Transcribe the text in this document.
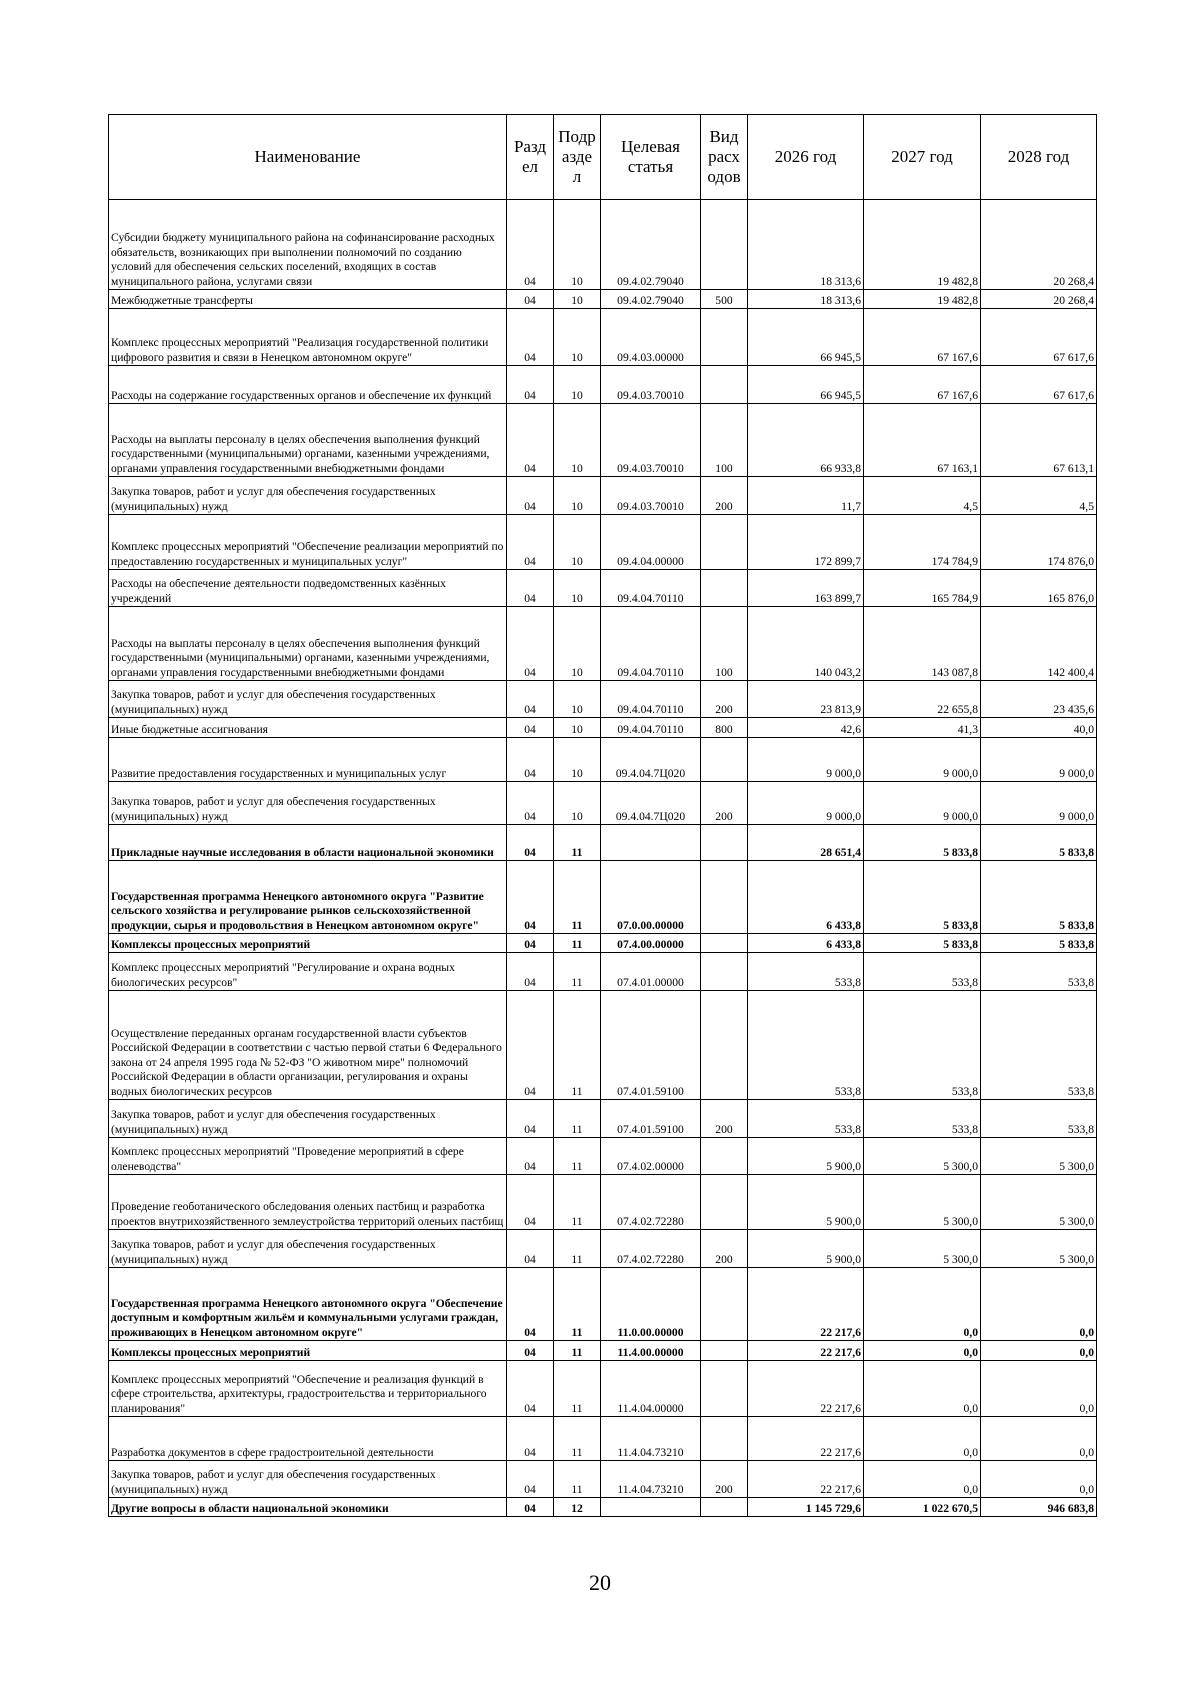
Наименование	Разд ел	Подр азде л	Целевая статья	Вид расх одов	2026 год	2027 год	2028 год
Субсидии бюджету муниципального района на софинансирование расходных обязательств, возникающих при выполнении полномочий по созданию условий для обеспечения сельских поселений, входящих в состав муниципального района, услугами связи	04	10	09.4.02.79040		18 313,6	19 482,8	20 268,4
Межбюджетные трансферты	04	10	09.4.02.79040	500	18 313,6	19 482,8	20 268,4
Комплекс процессных мероприятий "Реализация государственной политики цифрового развития и связи в Ненецком автономном округе"	04	10	09.4.03.00000		66 945,5	67 167,6	67 617,6
Расходы на содержание государственных органов и обеспечение их функций	04	10	09.4.03.70010		66 945,5	67 167,6	67 617,6
Расходы на выплаты персоналу в целях обеспечения выполнения функций государственными (муниципальными) органами, казенными учреждениями, органами управления государственными внебюджетными фондами	04	10	09.4.03.70010	100	66 933,8	67 163,1	67 613,1
Закупка товаров, работ и услуг для обеспечения государственных (муниципальных) нужд	04	10	09.4.03.70010	200	11,7	4,5	4,5
Комплекс процессных мероприятий "Обеспечение реализации мероприятий по предоставлению государственных и муниципальных услуг"	04	10	09.4.04.00000		172 899,7	174 784,9	174 876,0
Расходы на обеспечение деятельности подведомственных казённых учреждений	04	10	09.4.04.70110		163 899,7	165 784,9	165 876,0
Расходы на выплаты персоналу в целях обеспечения выполнения функций государственными (муниципальными) органами, казенными учреждениями, органами управления государственными внебюджетными фондами	04	10	09.4.04.70110	100	140 043,2	143 087,8	142 400,4
Закупка товаров, работ и услуг для обеспечения государственных (муниципальных) нужд	04	10	09.4.04.70110	200	23 813,9	22 655,8	23 435,6
Иные бюджетные ассигнования	04	10	09.4.04.70110	800	42,6	41,3	40,0
Развитие предоставления государственных и муниципальных услуг	04	10	09.4.04.7Ц020		9 000,0	9 000,0	9 000,0
Закупка товаров, работ и услуг для обеспечения государственных (муниципальных) нужд	04	10	09.4.04.7Ц020	200	9 000,0	9 000,0	9 000,0
Прикладные научные исследования в области национальной экономики	04	11			28 651,4	5 833,8	5 833,8
Государственная программа Ненецкого автономного округа "Развитие сельского хозяйства и регулирование рынков сельскохозяйственной продукции, сырья и продовольствия в Ненецком автономном округе"	04	11	07.0.00.00000		6 433,8	5 833,8	5 833,8
Комплексы процессных мероприятий	04	11	07.4.00.00000		6 433,8	5 833,8	5 833,8
Комплекс процессных мероприятий "Регулирование и охрана водных биологических ресурсов"	04	11	07.4.01.00000		533,8	533,8	533,8
Осуществление переданных органам государственной власти субъектов Российской Федерации в соответствии с частью первой статьи 6 Федерального закона от 24 апреля 1995 года № 52-ФЗ "О животном мире" полномочий Российской Федерации в области организации, регулирования и охраны водных биологических ресурсов	04	11	07.4.01.59100		533,8	533,8	533,8
Закупка товаров, работ и услуг для обеспечения государственных (муниципальных) нужд	04	11	07.4.01.59100	200	533,8	533,8	533,8
Комплекс процессных мероприятий "Проведение мероприятий в сфере оленеводства"	04	11	07.4.02.00000		5 900,0	5 300,0	5 300,0
Проведение геоботанического обследования оленьих пастбищ и разработка проектов внутрихозяйственного землеустройства территорий оленьих пастбищ	04	11	07.4.02.72280		5 900,0	5 300,0	5 300,0
Закупка товаров, работ и услуг для обеспечения государственных (муниципальных) нужд	04	11	07.4.02.72280	200	5 900,0	5 300,0	5 300,0
Государственная программа Ненецкого автономного округа "Обеспечение доступным и комфортным жильём и коммунальными услугами граждан, проживающих в Ненецком автономном округе"	04	11	11.0.00.00000		22 217,6	0,0	0,0
Комплексы процессных мероприятий	04	11	11.4.00.00000		22 217,6	0,0	0,0
Комплекс процессных мероприятий "Обеспечение и реализация функций в сфере строительства, архитектуры, градостроительства и территориального планирования"	04	11	11.4.04.00000		22 217,6	0,0	0,0
Разработка документов в сфере градостроительной деятельности	04	11	11.4.04.73210		22 217,6	0,0	0,0
Закупка товаров, работ и услуг для обеспечения государственных (муниципальных) нужд	04	11	11.4.04.73210	200	22 217,6	0,0	0,0
Другие вопросы в области национальной экономики	04	12			1 145 729,6	1 022 670,5	946 683,8
20
